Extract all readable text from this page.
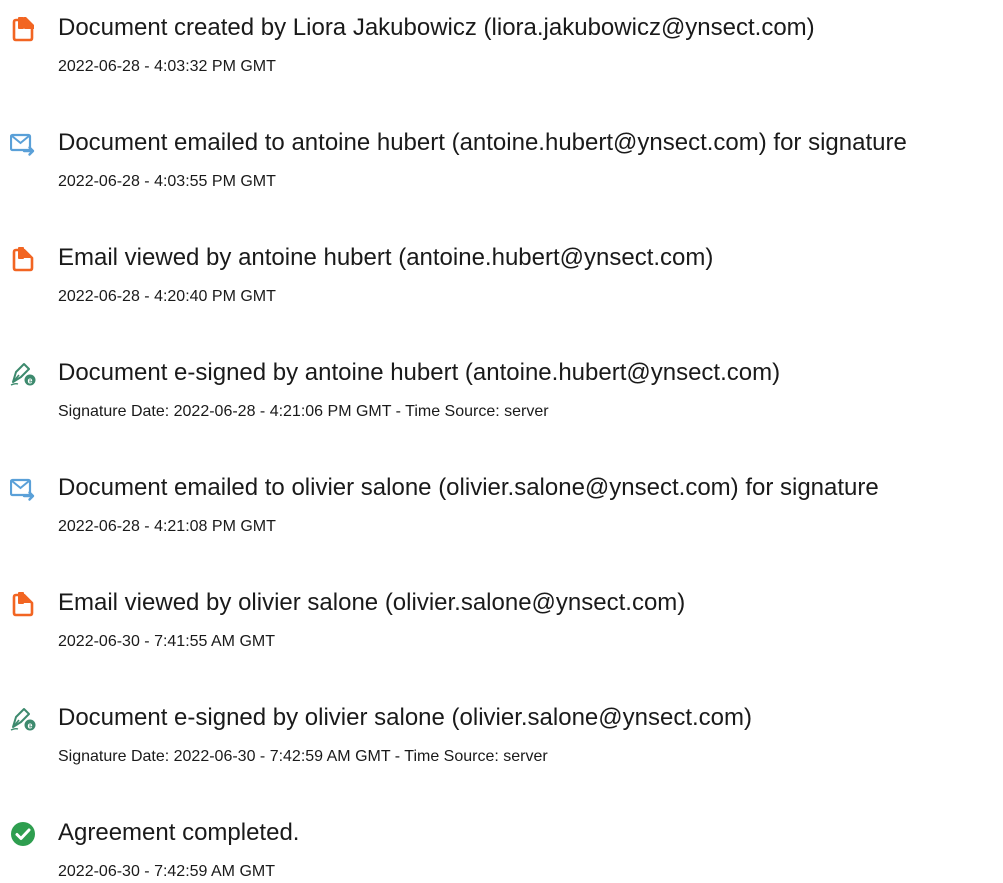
Document created by Liora Jakubowicz (liora.jakubowicz@ynsect.com)
2022-06-28 - 4:03:32 PM GMT
Document emailed to antoine hubert (antoine.hubert@ynsect.com) for signature
2022-06-28 - 4:03:55 PM GMT
Email viewed by antoine hubert (antoine.hubert@ynsect.com)
2022-06-28 - 4:20:40 PM GMT
e Document e-signed by antoine hubert (antoine.hubert@ynsect.com)
Signature Date: 2022-06-28 - 4:21:06 PM GMT - Time Source: server
Document emailed to olivier salone (olivier.salone@ynsect.com) for signature
2022-06-28 - 4:21:08 PM GMT
Email viewed by olivier salone (olivier.salone@ynsect.com)
2022-06-30 - 7:41:55 AM GMT
e Document e-signed by olivier salone (olivier.salone@ynsect.com)
Signature Date: 2022-06-30 - 7:42:59 AM GMT - Time Source: server
Agreement completed.
2022-06-30 - 7:42:59 AM GMT
